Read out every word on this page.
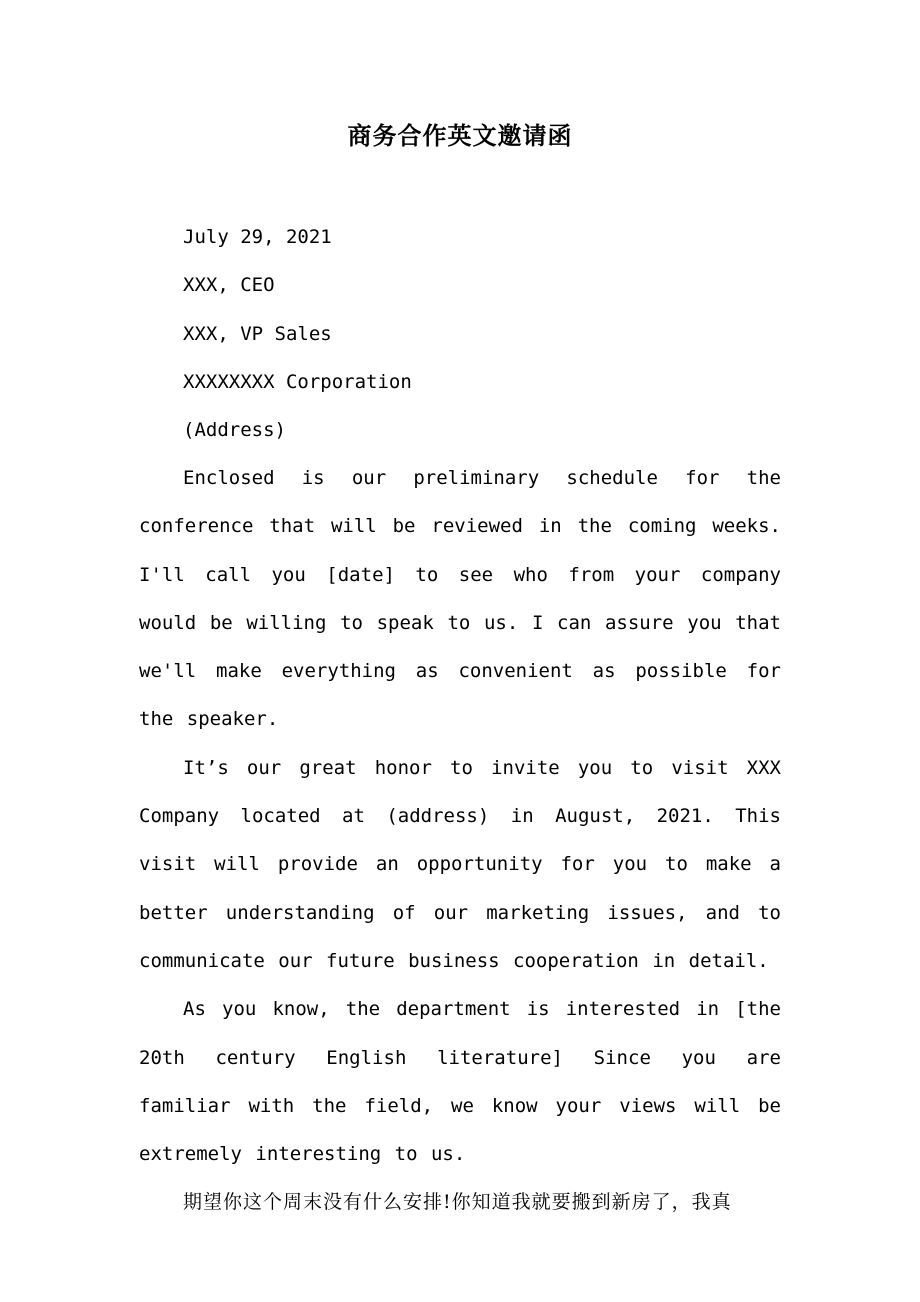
商务合作英文邀请函

July 29, 2021

XXX, CEO

XXX, VP Sales

XXXXXXXX Corporation

(Address)

Enclosed is our preliminary schedule for the conference that will be reviewed in the coming weeks. I'll call you [date] to see who from your company would be willing to speak to us. I can assure you that we'll make everything as convenient as possible for the speaker.

It’s our great honor to invite you to visit XXX Company located at (address) in August, 2021. This visit will provide an opportunity for you to make a better understanding of our marketing issues, and to communicate our future business cooperation in detail.

As you know, the department is interested in [the 20th century English literature] Since you are familiar with the field, we know your views will be extremely interesting to us.

期望你这个周末没有什么安排!你知道我就要搬到新房了，我真
